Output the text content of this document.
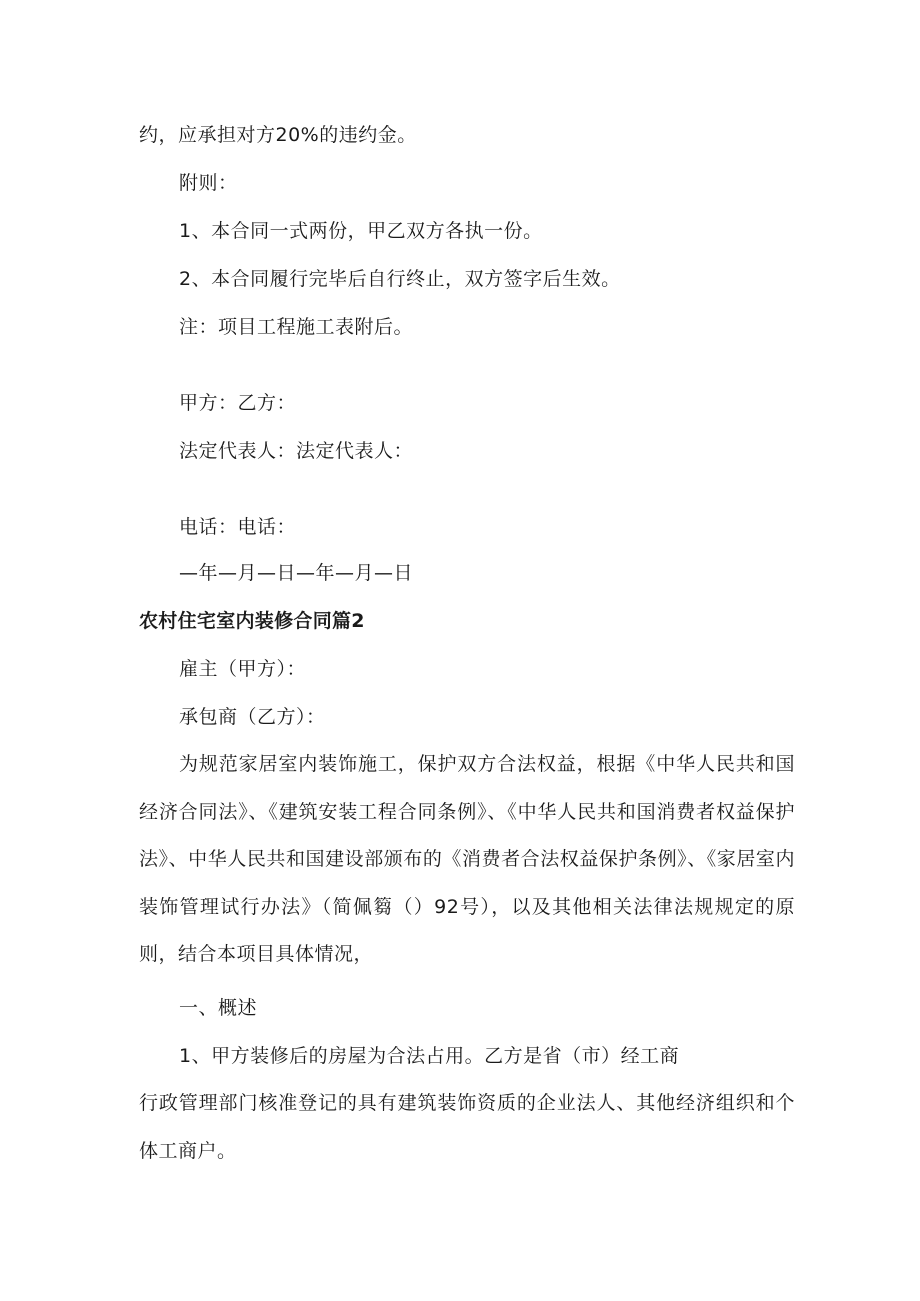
约，应承担对方20%的违约金。
附则：
1、本合同一式两份，甲乙双方各执一份。
2、本合同履行完毕后自行终止，双方签字后生效。
注：项目工程施工表附后。
甲方：乙方：
法定代表人：法定代表人：
电话：电话：
—年—月—日—年—月—日
农村住宅室内装修合同篇2
雇主（甲方）：
承包商（乙方）：
为规范家居室内装饰施工，保护双方合法权益，根据《中华人民共和国经济合同法》、《建筑安装工程合同条例》、《中华人民共和国消费者权益保护法》、中华人民共和国建设部颁布的《消费者合法权益保护条例》、《家居室内装饰管理试行办法》（简佩篘（）92号），以及其他相关法律法规规定的原则，结合本项目具体情况，
一、概述
1、甲方装修后的房屋为合法占用。乙方是省（市）经工商
行政管理部门核准登记的具有建筑装饰资质的企业法人、其他经济组织和个体工商户。
